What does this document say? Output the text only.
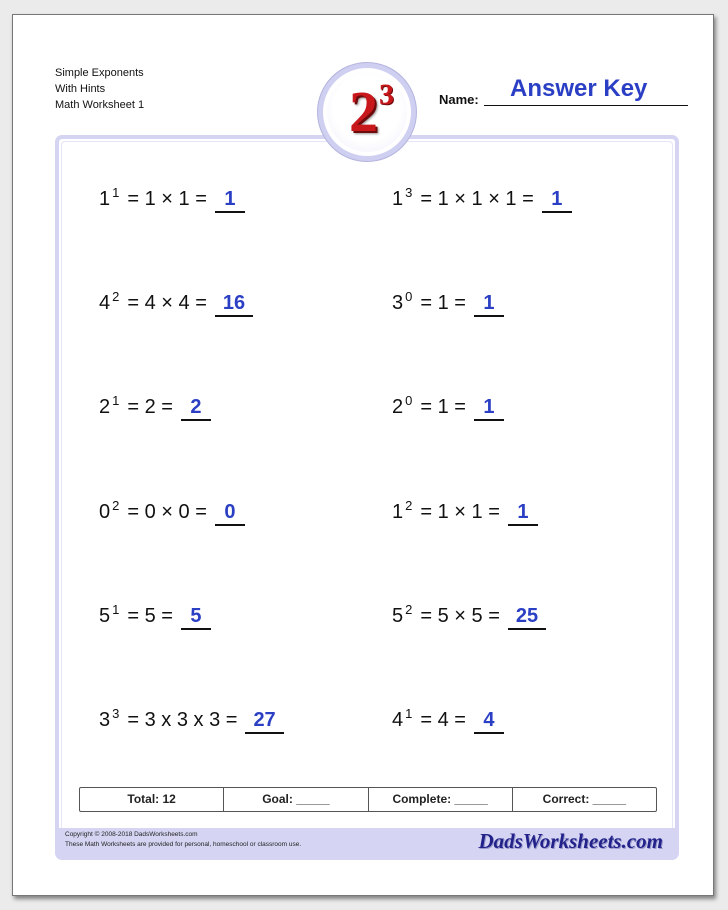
Simple Exponents
With Hints
Math Worksheet 1	2 3	Name: Answer Key
1 $^1$ = 1 × 1 = 1	1 $^3$ = 1 × 1 × 1 = 1
4 $^2$ = 4 × 4 = 16	3 $^0$ = 1 = 1
2 $^1$ = 2 = 2	2 $^0$ = 1 = 1
0 $^2$ = 0 × 0 = 0	1 $^2$ = 1 × 1 = 1
5 $^1$ = 5 = 5	5 $^2$ = 5 × 5 = 25
3 $^3$ = 3 x 3 x 3 = 27	4 $^1$ = 4 = 4
Total: 12	Goal: _____	Complete: _____	Correct: _____
Copyright © 2008-2018 DadsWorksheets.com
These Math Worksheets are provided for personal, homeschool or classroom use.	DadsWorksheets.com
